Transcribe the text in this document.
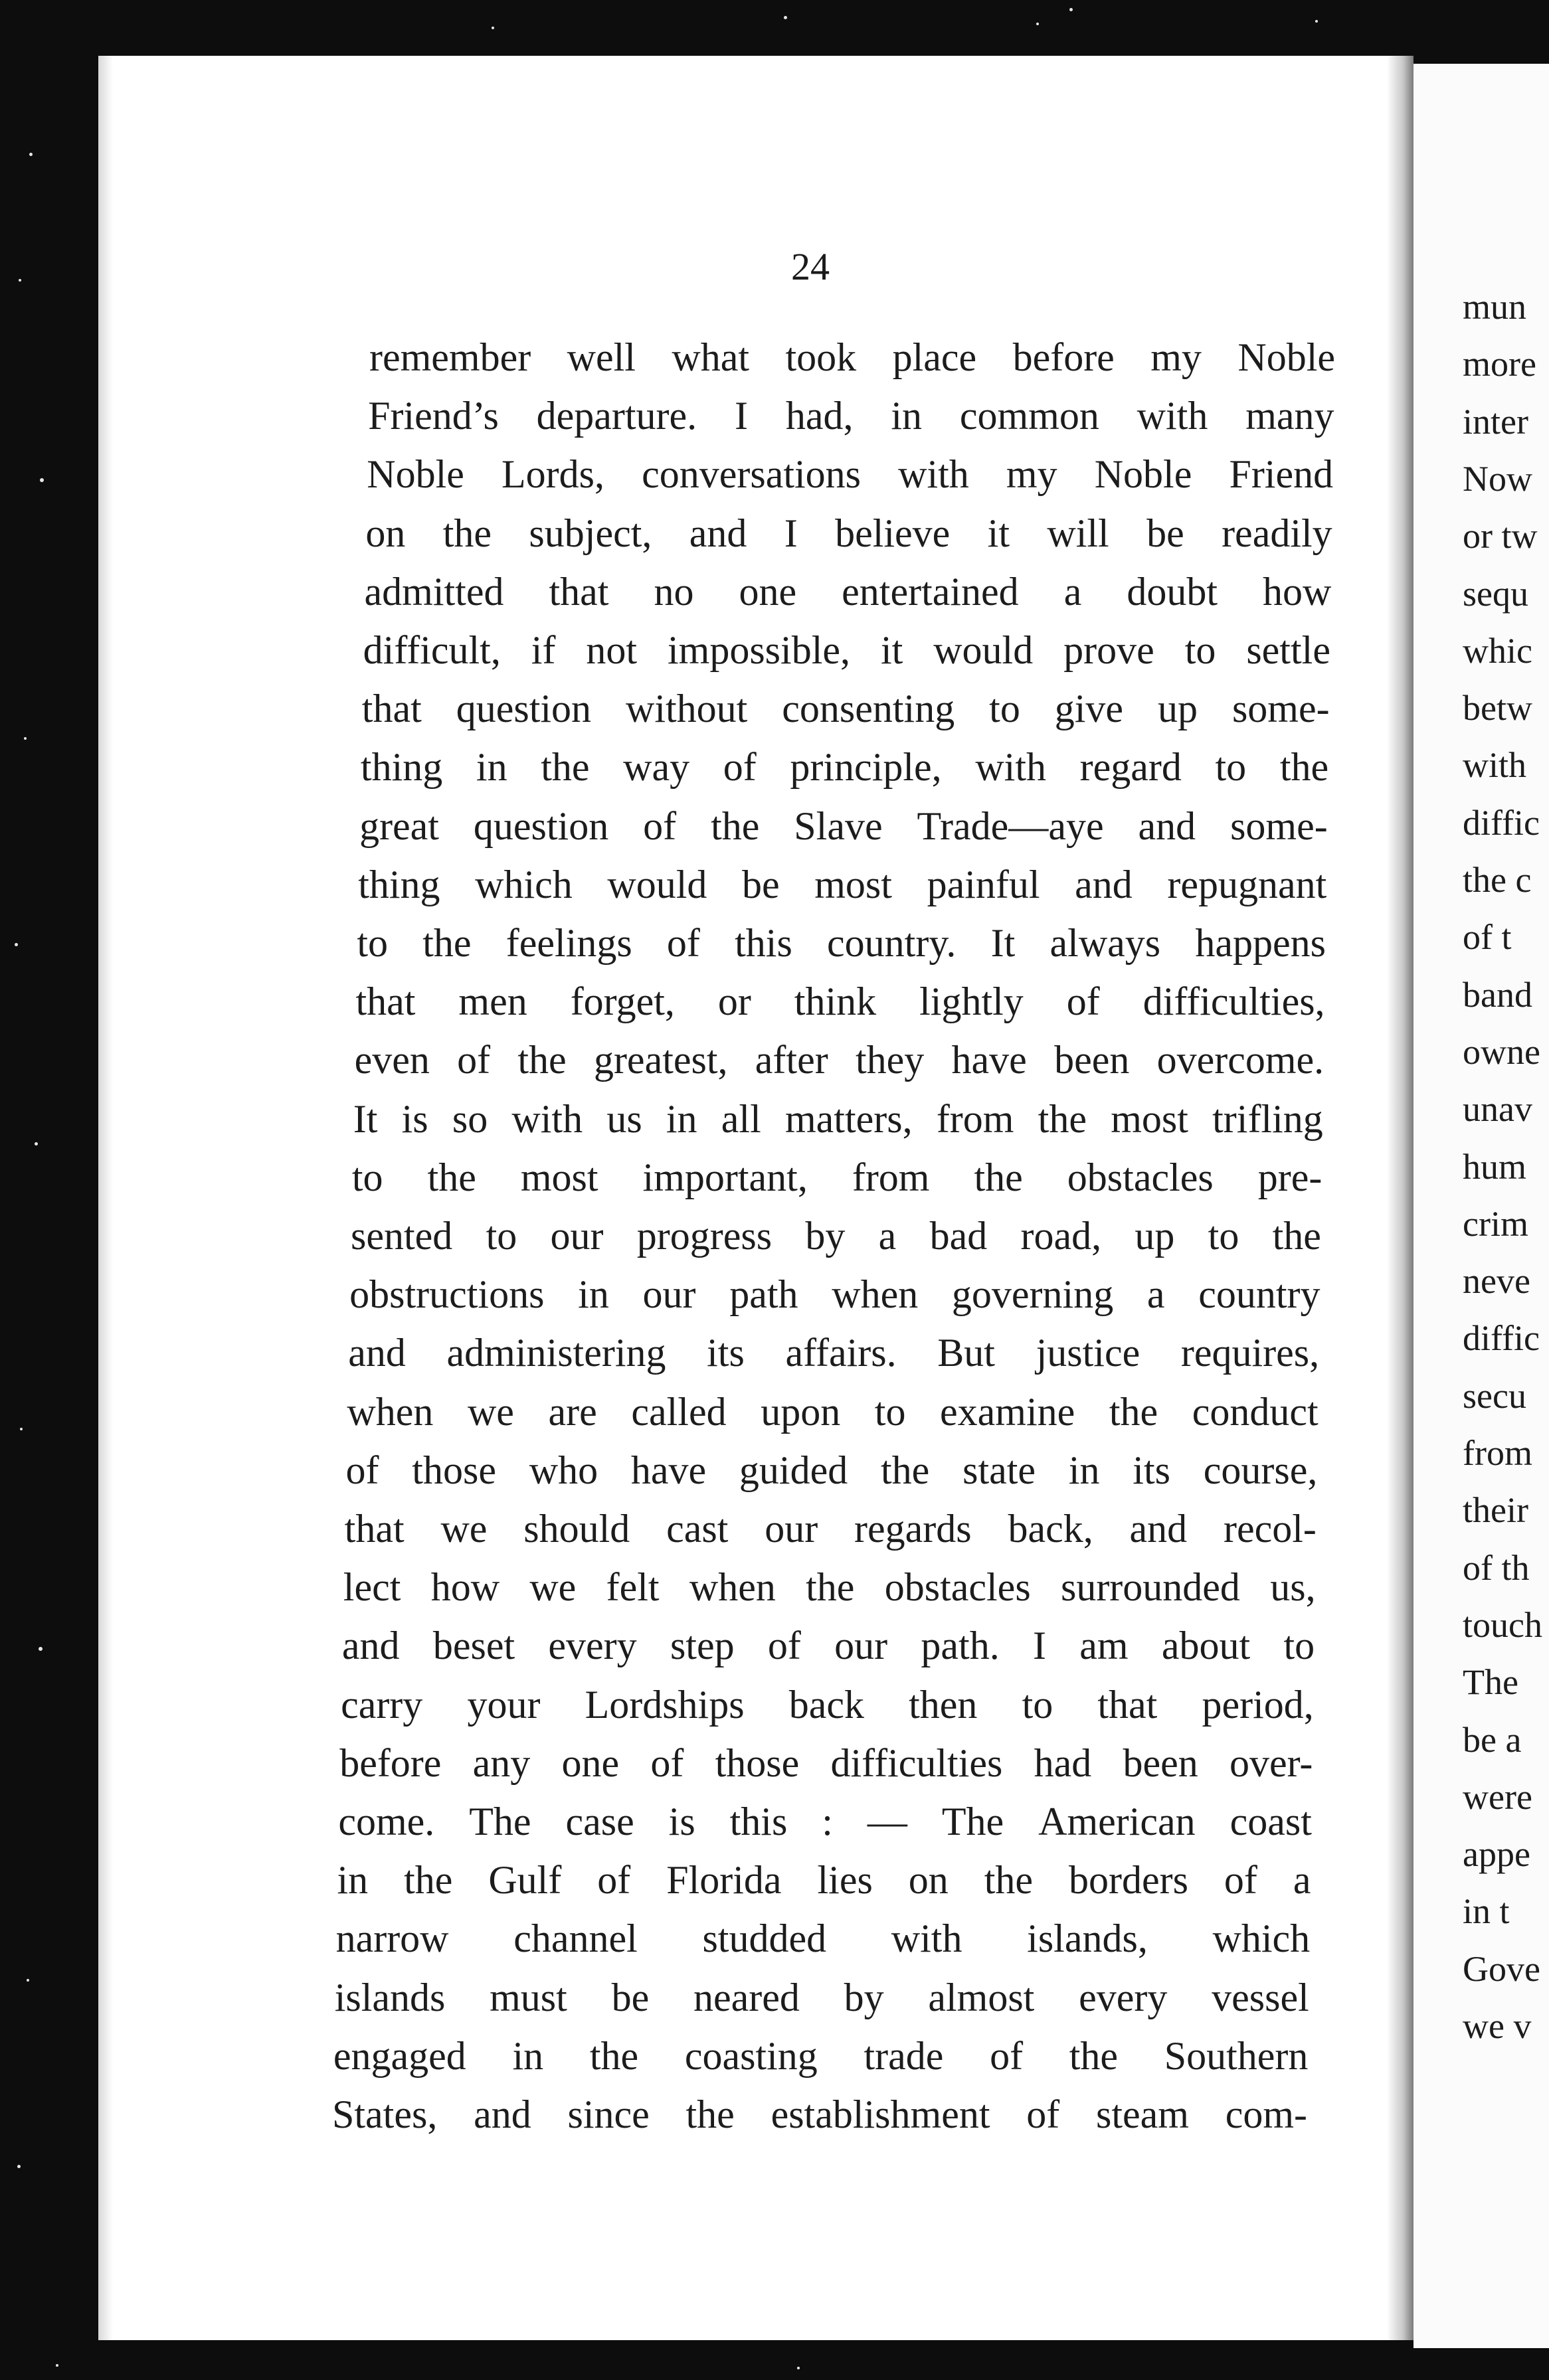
24
remember well what took place before my Noble
Friend’s departure. I had, in common with many
Noble Lords, conversations with my Noble Friend
on the subject, and I believe it will be readily
admitted that no one entertained a doubt how
difficult, if not impossible, it would prove to settle
that question without consenting to give up some-
thing in the way of principle, with regard to the
great question of the Slave Trade—aye and some-
thing which would be most painful and repugnant
to the feelings of this country. It always happens
that men forget, or think lightly of difficulties,
even of the greatest, after they have been overcome.
It is so with us in all matters, from the most trifling
to the most important, from the obstacles pre-
sented to our progress by a bad road, up to the
obstructions in our path when governing a country
and administering its affairs. But justice requires,
when we are called upon to examine the conduct
of those who have guided the state in its course,
that we should cast our regards back, and recol-
lect how we felt when the obstacles surrounded us,
and beset every step of our path. I am about to
carry your Lordships back then to that period,
before any one of those difficulties had been over-
come. The case is this : — The American coast
in the Gulf of Florida lies on the borders of a
narrow channel studded with islands, which
islands must be neared by almost every vessel
engaged in the coasting trade of the Southern
States, and since the establishment of steam com-
mun
more
inter
Now
or tw
sequ
whic
betw
with
diffic
the c
of t
band
owne
unav
hum
crim
neve
diffic
secu
from
their
of th
touch
The
be a
were
appe
in t
Gove
we v
